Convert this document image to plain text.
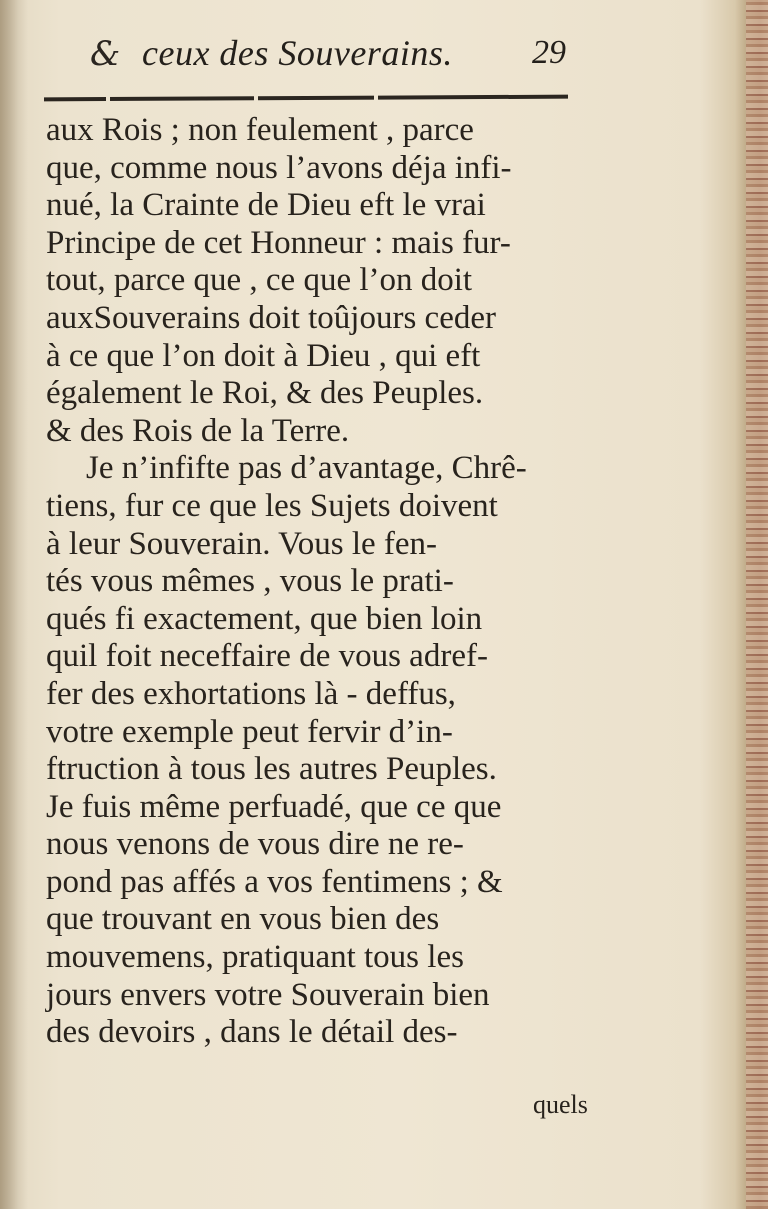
& ceux des Souverains. 29
aux Rois ; non feulement , parce
que, comme nous l’avons déja infi-
nué, la Crainte de Dieu eft le vrai
Principe de cet Honneur : mais fur-
tout, parce que , ce que l’on doit
auxSouverains doit toûjours ceder
à ce que l’on doit à Dieu , qui eft
également le Roi, & des Peuples.
& des Rois de la Terre.
Je n’infifte pas d’avantage, Chrê-
tiens, fur ce que les Sujets doivent
à leur Souverain. Vous le fen-
tés vous mêmes , vous le prati-
qués fi exactement, que bien loin
quil foit neceffaire de vous adref-
fer des exhortations là - deffus,
votre exemple peut fervir d’in-
ftruction à tous les autres Peuples.
Je fuis même perfuadé, que ce que
nous venons de vous dire ne re-
pond pas affés a vos fentimens ; &
que trouvant en vous bien des
mouvemens, pratiquant tous les
jours envers votre Souverain bien
des devoirs , dans le détail des-
quels
